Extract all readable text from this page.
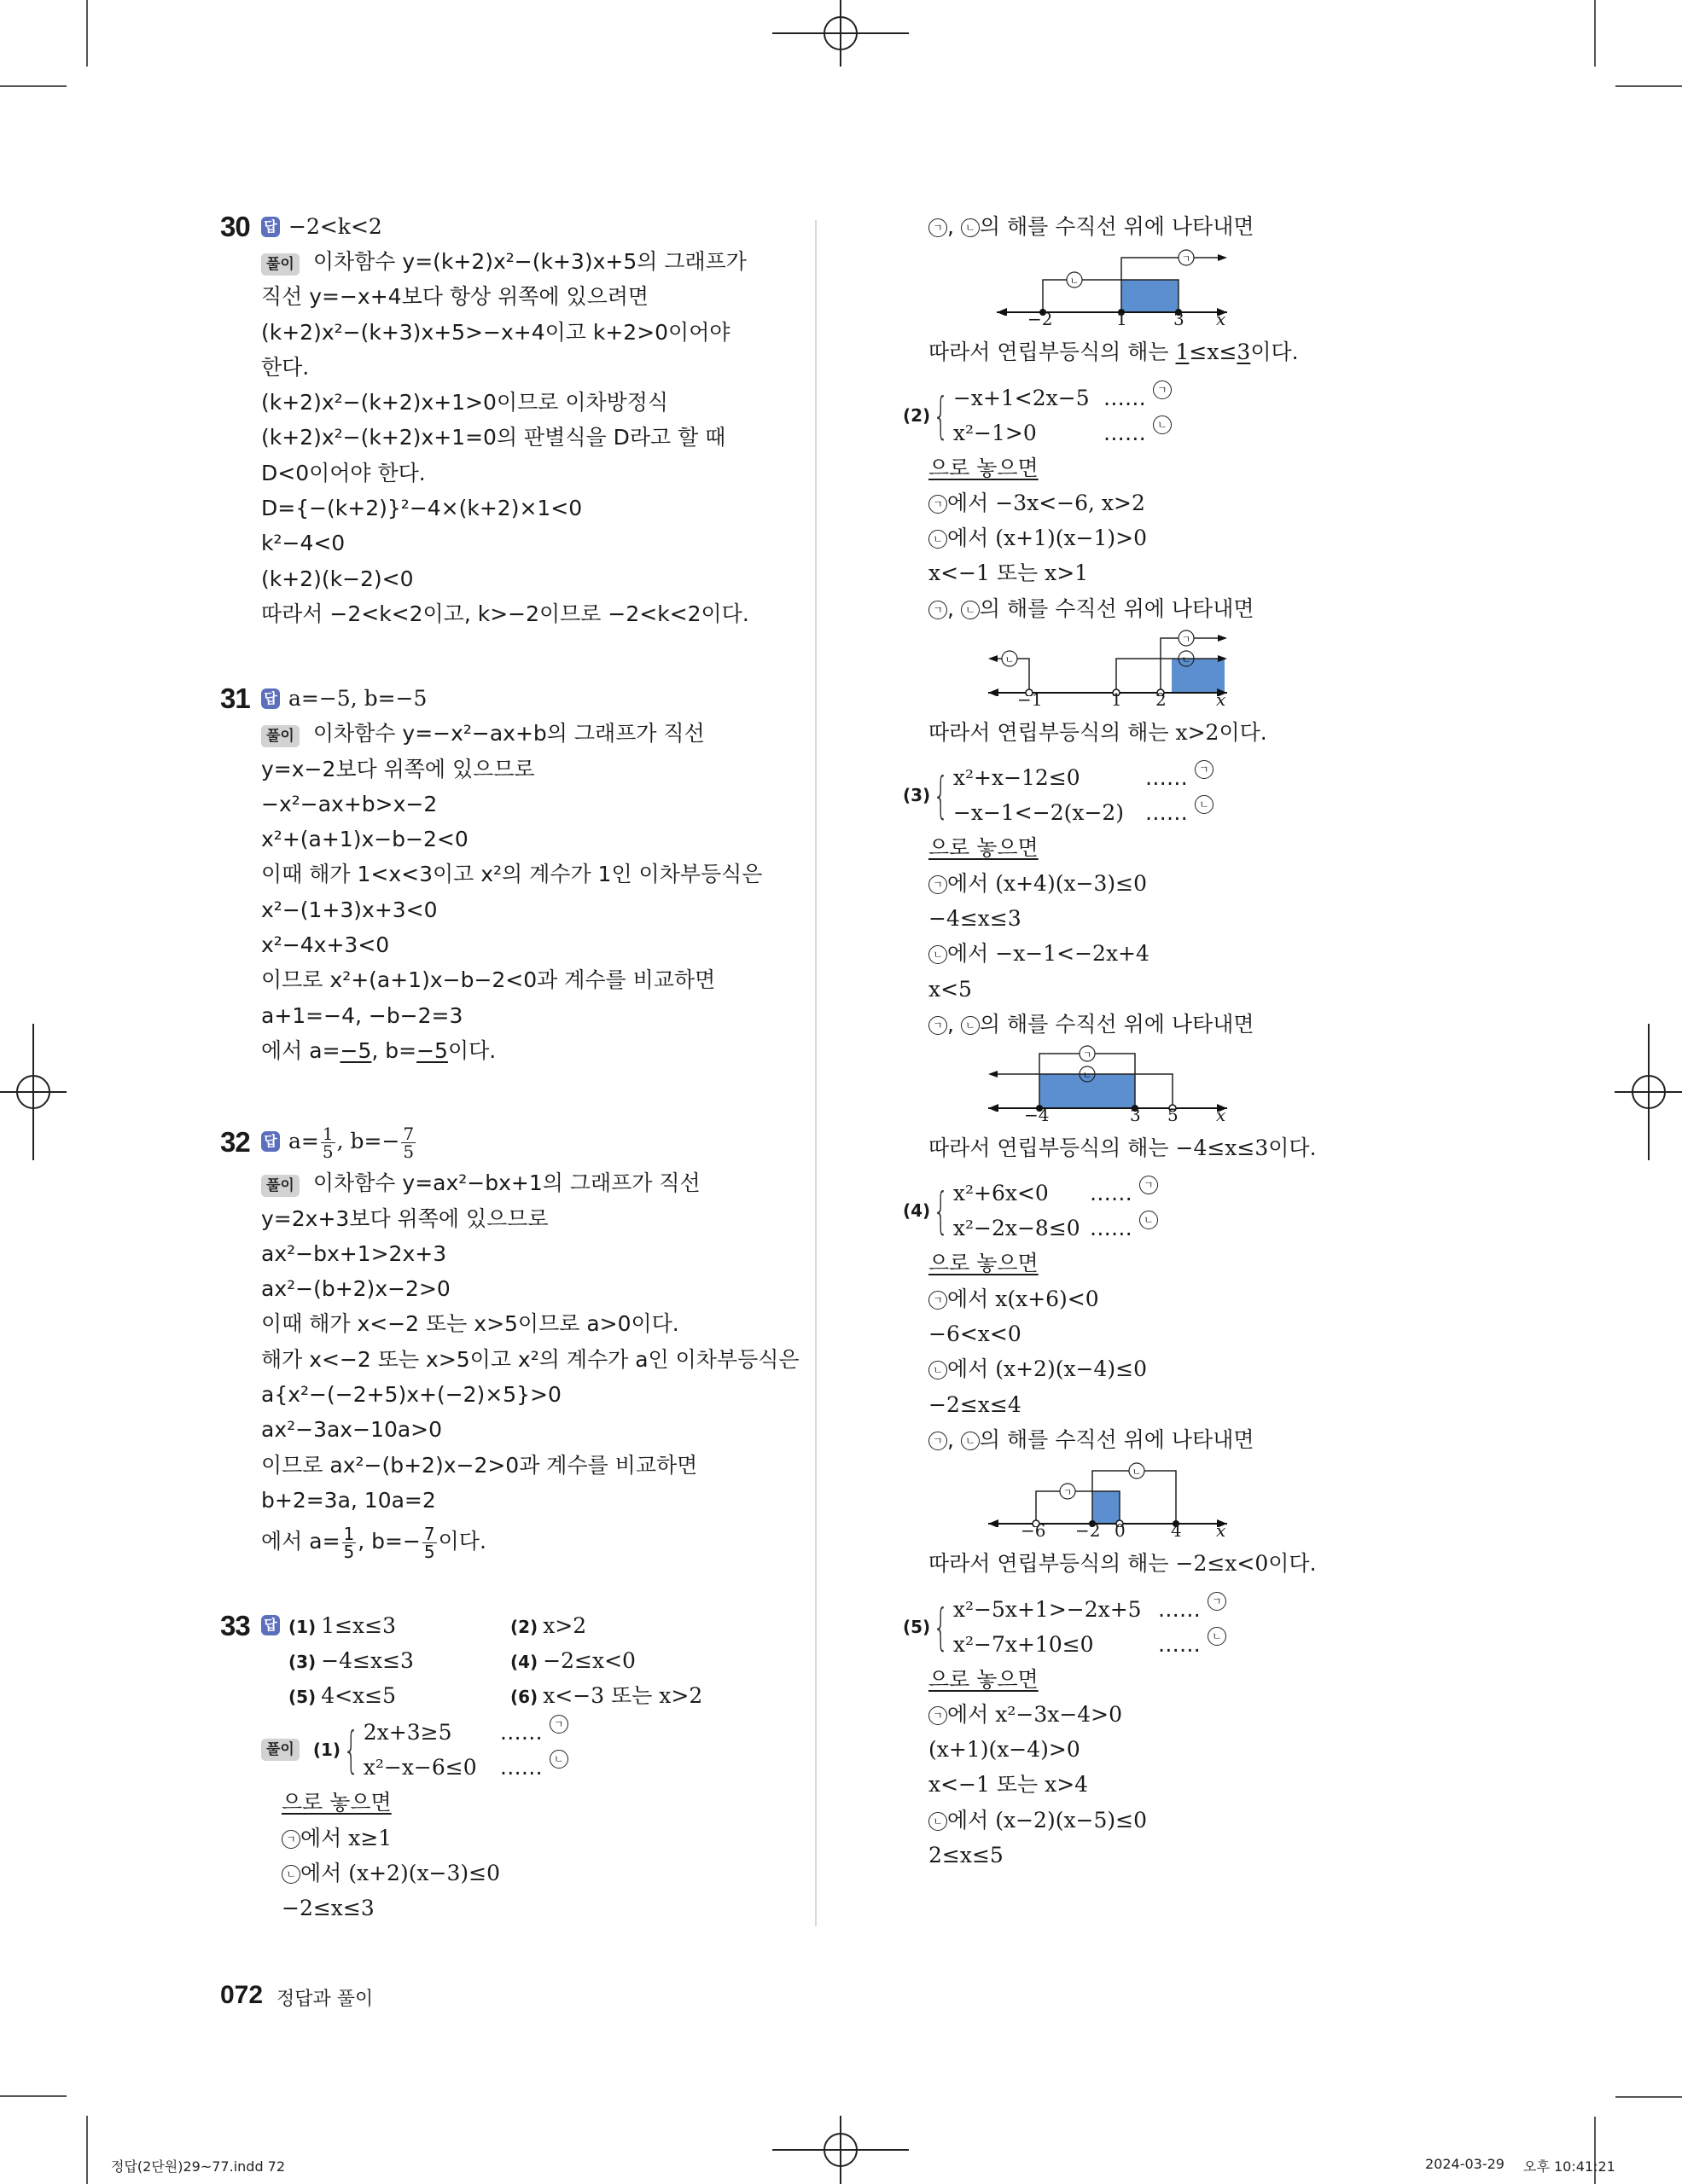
30	답 −2<k<2
풀이 이차함수 y=(k+2)x²−(k+3)x+5의 그래프가
직선 y=−x+4보다 항상 위쪽에 있으려면
(k+2)x²−(k+3)x+5>−x+4이고 k+2>0이어야
한다.
(k+2)x²−(k+2)x+1>0이므로 이차방정식
(k+2)x²−(k+2)x+1=0의 판별식을 D라고 할 때
D<0이어야 한다.
D={−(k+2)}²−4×(k+2)×1<0
k²−4<0
(k+2)(k−2)<0
따라서 −2<k<2이고, k>−2이므로 −2<k<2이다.
31	답 a=−5, b=−5
풀이 이차함수 y=−x²−ax+b의 그래프가 직선
y=x−2보다 위쪽에 있으므로
−x²−ax+b>x−2
x²+(a+1)x−b−2<0
이때 해가 1<x<3이고 x²의 계수가 1인 이차부등식은
x²−(1+3)x+3<0
x²−4x+3<0
이므로 x²+(a+1)x−b−2<0과 계수를 비교하면
a+1=−4, −b−2=3
에서 a=−5, b=−5이다.
32	답 $a= \frac{1}{5}$ , $b=- \frac{7}{5}$
풀이 이차함수 y=ax²−bx+1의 그래프가 직선
y=2x+3보다 위쪽에 있으므로
ax²−bx+1>2x+3
ax²−(b+2)x−2>0
이때 해가 x<−2 또는 x>5이므로 a>0이다.
해가 x<−2 또는 x>5이고 x²의 계수가 a인 이차부등식은
a{x²−(−2+5)x+(−2)×5}>0
ax²−3ax−10a>0
이므로 ax²−(b+2)x−2>0과 계수를 비교하면
b+2=3a, 10a=2
에서 $a= \frac{1}{5}$ , $b=- \frac{7}{5}$ 이다.
33	답 (1) 1≤x≤3	(2) x>2
(3) −4≤x≤3	(4) −2≤x<0
(5) 4<x≤5	(6) x<−3 또는 x>2
풀이	(1) { 2x+3≥5	……
	ㄱ
x²−x−6≤0	……
	ㄴ
으로 놓으면
ㄱ 에서 x≥1
ㄴ 에서 (x+2)(x−3)≤0
−2≤x≤3
ㄱ , ㄴ 의 해를 수직선 위에 나타내면
ㄴ
ㄱ
−2	1	3 x
따라서 연립부등식의 해는 1≤x≤3이다.
(2) { −x+1<2x−5 ……
	ㄱ
x²−1>0	……
	ㄴ
으로 놓으면
ㄱ 에서 −3x<−6, x>2
ㄴ 에서 (x+1)(x−1)>0
x<−1 또는 x>1
ㄱ , ㄴ 의 해를 수직선 위에 나타내면
ㄴ
ㄱ
ㄴ
−1	1 2	x
따라서 연립부등식의 해는 x>2이다.
(3) { x²+x−12≤0	……
	ㄱ
−x−1<−2(x−2) ……
	ㄴ
으로 놓으면
ㄱ 에서 (x+4)(x−3)≤0
−4≤x≤3
ㄴ 에서 −x−1<−2x+4
x<5
ㄱ , ㄴ 의 해를 수직선 위에 나타내면
ㄱ
ㄴ
−4	3 5 x
따라서 연립부등식의 해는 −4≤x≤3이다.
(4) { x²+6x<0	……
	ㄱ
x²−2x−8≤0 ……
	ㄴ
으로 놓으면
ㄱ 에서 x(x+6)<0
−6<x<0
ㄴ 에서 (x+2)(x−4)≤0
−2≤x≤4
ㄱ , ㄴ 의 해를 수직선 위에 나타내면
ㄱ
ㄴ
−6 −2 0	4 x
따라서 연립부등식의 해는 −2≤x<0이다.
(5) { x²−5x+1>−2x+5 ……
	ㄱ
x²−7x+10≤0	……
	ㄴ
으로 놓으면
ㄱ 에서 x²−3x−4>0
(x+1)(x−4)>0
x<−1 또는 x>4
ㄴ 에서 (x−2)(x−5)≤0
2≤x≤5
072 정답과 풀이
정답(2단원)29~77.indd 72	2024-03-29 오후 10:41:21
